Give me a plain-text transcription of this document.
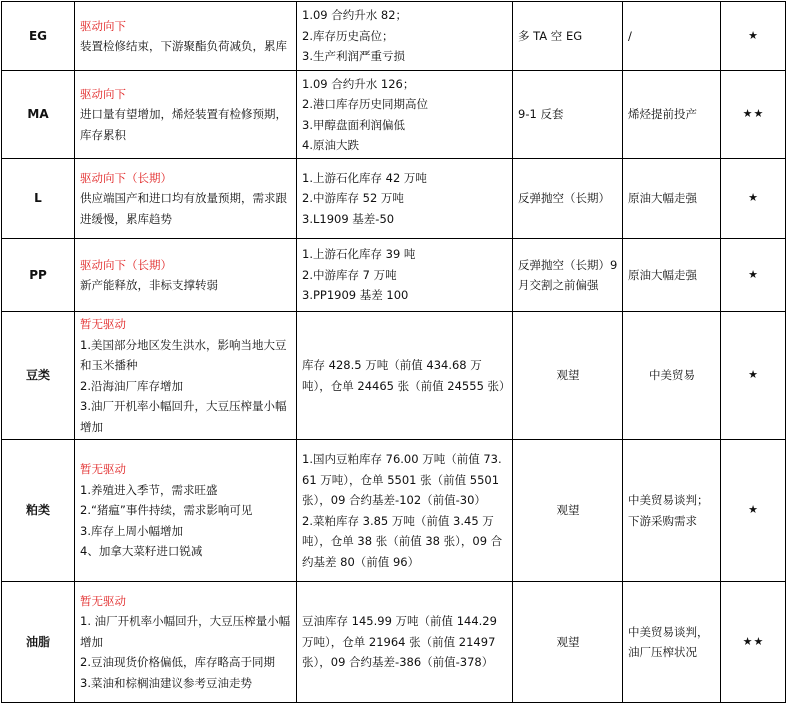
EG	驱动向下
装置检修结束，下游聚酯负荷减负，累库	1.09 合约升水 82；
2.库存历史高位；
3.生产利润严重亏损	多 TA 空 EG	/	★
MA	驱动向下
进口量有望增加，烯烃装置有检修预期，库存累积	1.09 合约升水 126；
2.港口库存历史同期高位
3.甲醇盘面利润偏低
4.原油大跌	9-1 反套	烯烃提前投产	★★
L	驱动向下（长期）
供应端国产和进口均有放量预期，需求跟进缓慢，累库趋势	1.上游石化库存 42 万吨
2.中游库存 52 万吨
3.L1909 基差-50	反弹抛空（长期）	原油大幅走强	★
PP	驱动向下（长期）
新产能释放，非标支撑转弱	1.上游石化库存 39 吨
2.中游库存 7 万吨
3.PP1909 基差 100	反弹抛空（长期）9 月交割之前偏强	原油大幅走强	★
豆类	暂无驱动
1.美国部分地区发生洪水，影响当地大豆和玉米播种
2.沿海油厂库存增加
3.油厂开机率小幅回升，大豆压榨量小幅增加	库存 428.5 万吨（前值 434.68 万吨），仓单 24465 张（前值 24555 张）	观望	中美贸易	★
粕类	暂无驱动
1.养殖进入季节，需求旺盛
2.“猪瘟”事件持续，需求影响可见
3.库存上周小幅增加
4、加拿大菜籽进口锐减	1.国内豆粕库存 76.00 万吨（前值 73.61 万吨），仓单 5501 张（前值 5501 张），09 合约基差-102（前值-30）
2.菜粕库存 3.85 万吨（前值 3.45 万吨），仓单 38 张（前值 38 张），09 合约基差 80（前值 96）	观望	中美贸易谈判；下游采购需求	★
油脂	暂无驱动
1. 油厂开机率小幅回升，大豆压榨量小幅增加
2.豆油现货价格偏低，库存略高于同期
3.菜油和棕榈油建议参考豆油走势	豆油库存 145.99 万吨（前值 144.29 万吨），仓单 21964 张（前值 21497 张），09 合约基差-386（前值-378）	观望	中美贸易谈判，油厂压榨状况	★★
